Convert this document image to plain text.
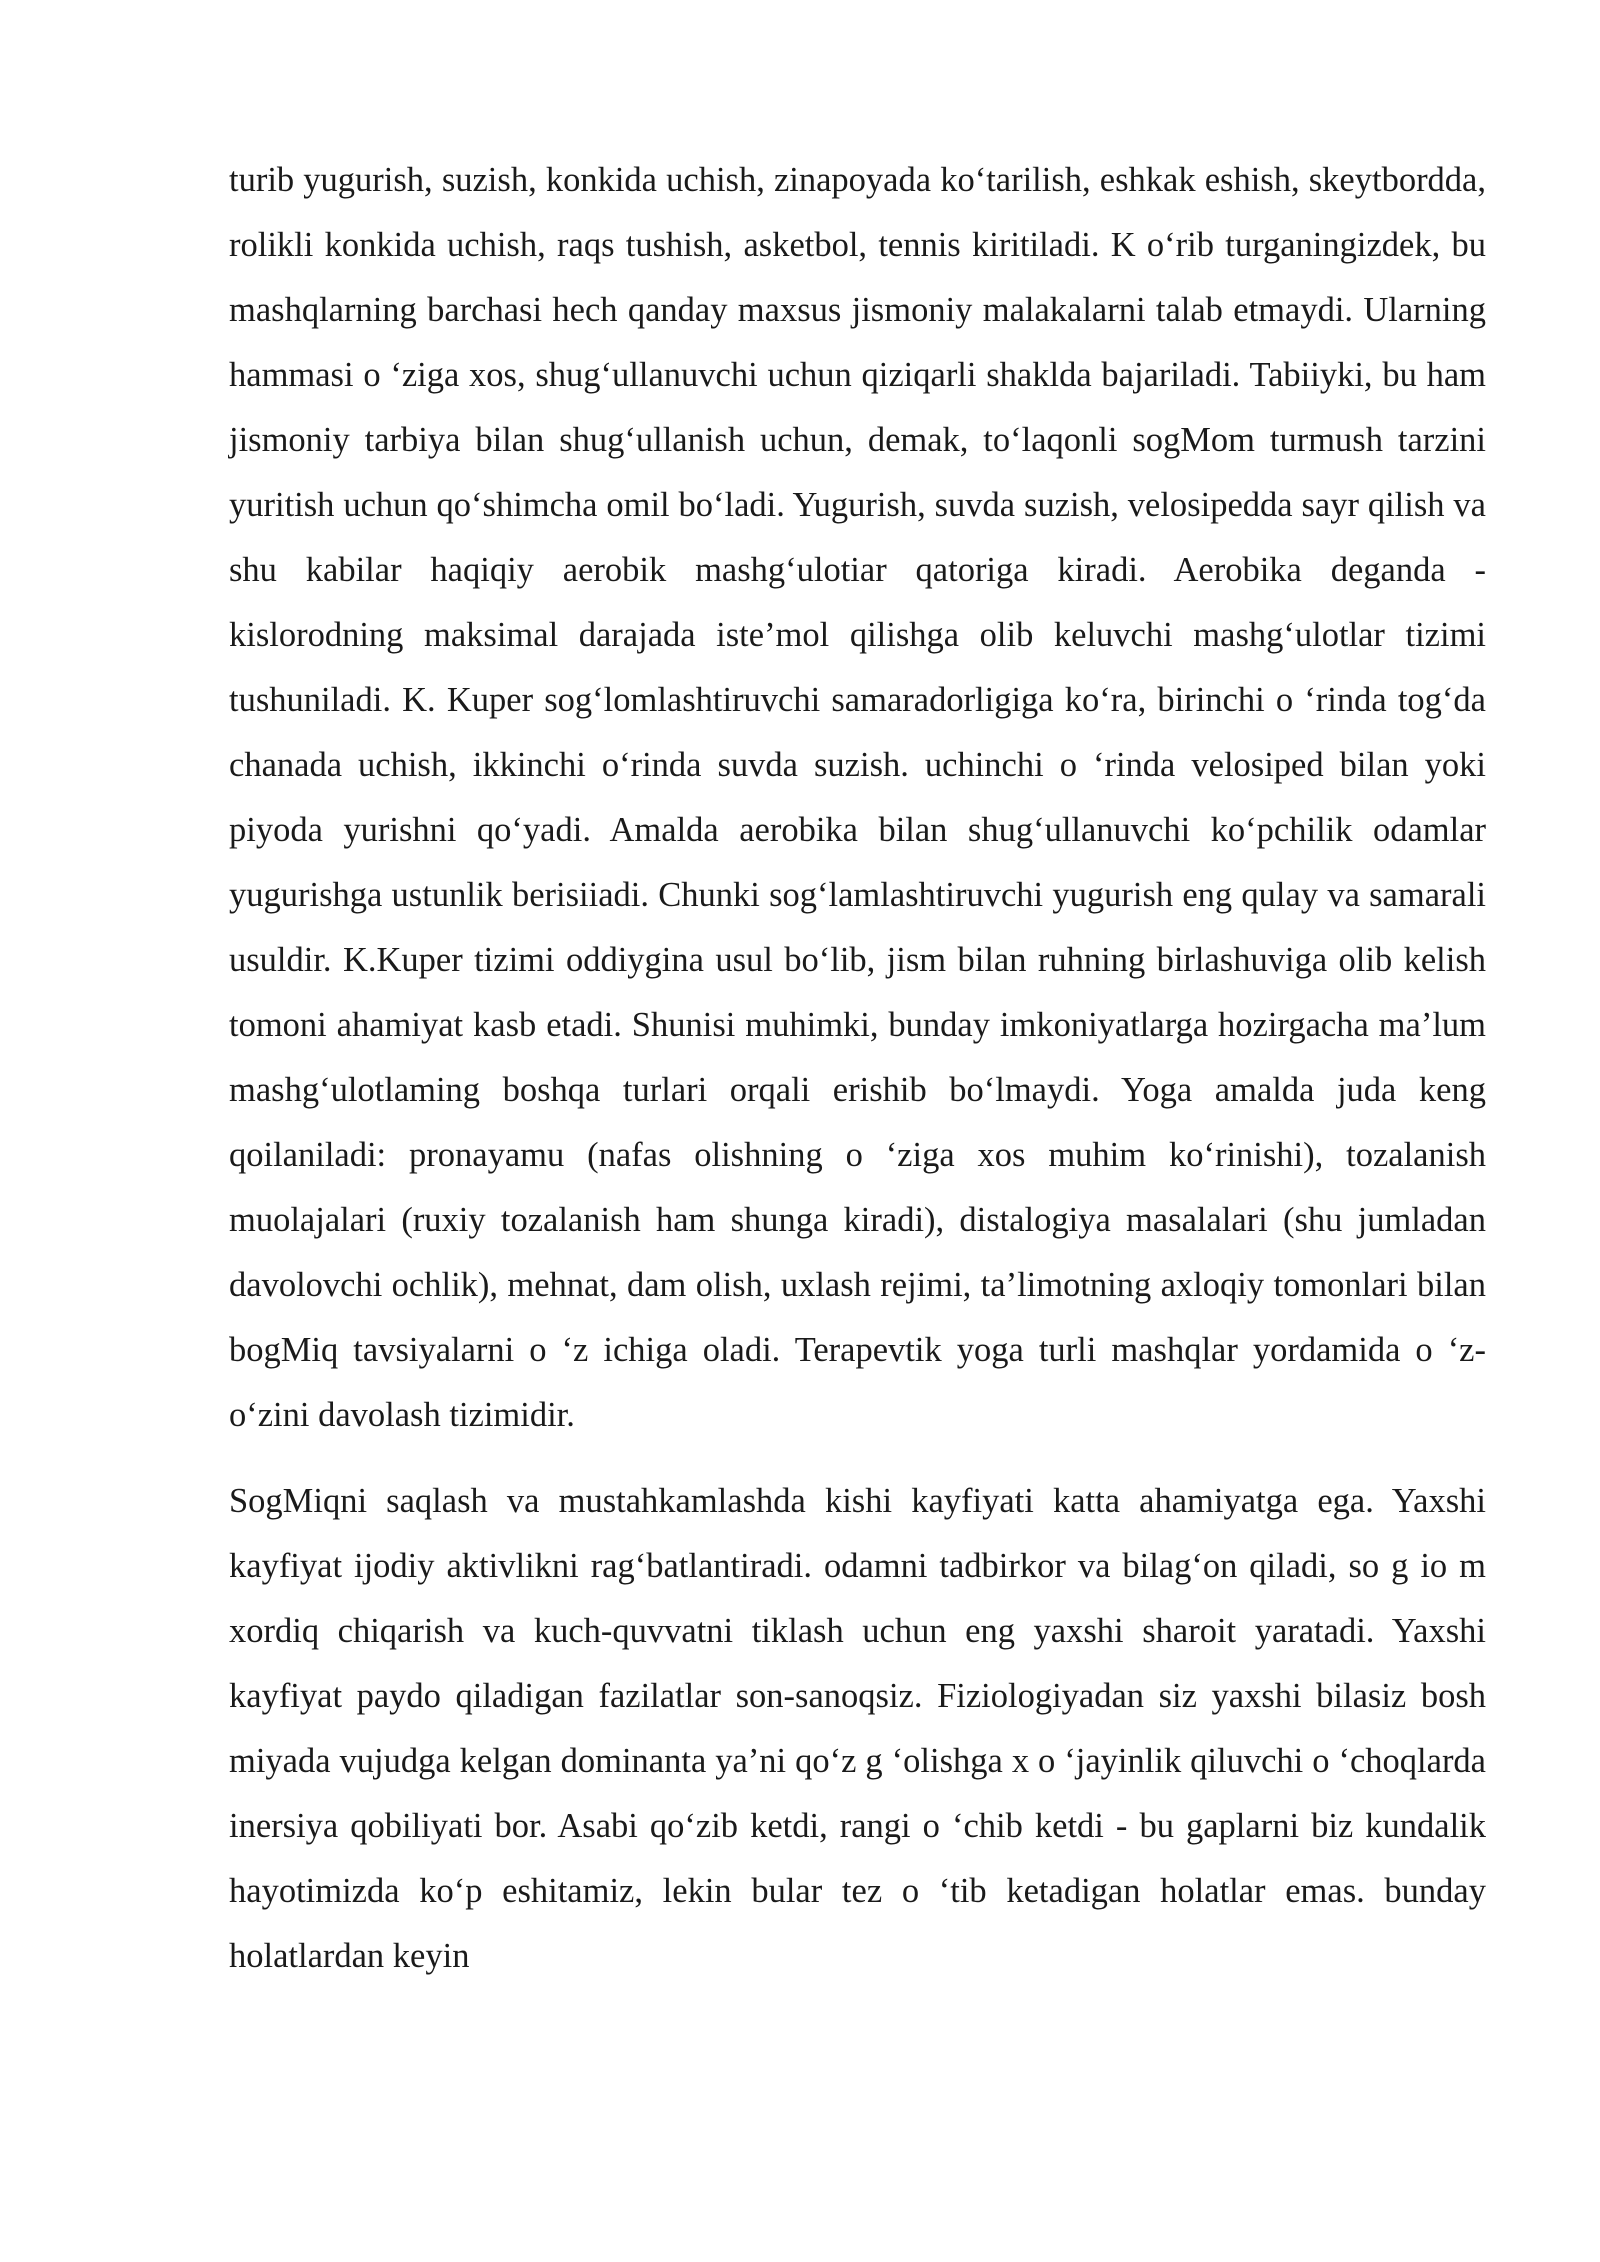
turib yugurish, suzish, konkida uchish, zinapoyada ko‘tarilish, eshkak eshish, skeytbordda, rolikli konkida uchish, raqs tushish, asketbol, tennis kiritiladi. K o‘rib turganingizdek, bu mashqlarning barchasi hech qanday maxsus jismoniy malakalarni talab etmaydi. Ularning hammasi o ‘ziga xos, shug‘ullanuvchi uchun qiziqarli shaklda bajariladi. Tabiiyki, bu ham jismoniy tarbiya bilan shug‘ullanish uchun, demak, to‘laqonli sogMom turmush tarzini yuritish uchun qo‘shimcha omil bo‘ladi. Yugurish, suvda suzish, velosipedda sayr qilish va shu kabilar haqiqiy aerobik mashg‘ulotiar qatoriga kiradi. Aerobika deganda - kislorodning maksimal darajada iste’mol qilishga olib keluvchi mashg‘ulotlar tizimi tushuniladi. K. Kuper sog‘lomlashtiruvchi samaradorligiga ko‘ra, birinchi o ‘rinda tog‘da chanada uchish, ikkinchi o‘rinda suvda suzish. uchinchi o ‘rinda velosiped bilan yoki piyoda yurishni qo‘yadi. Amalda aerobika bilan shug‘ullanuvchi ko‘pchilik odamlar yugurishga ustunlik berisiiadi. Chunki sog‘lamlashtiruvchi yugurish eng qulay va samarali usuldir. K.Kuper tizimi oddiygina usul bo‘lib, jism bilan ruhning birlashuviga olib kelish tomoni ahamiyat kasb etadi. Shunisi muhimki, bunday imkoniyatlarga hozirgacha ma’lum mashg‘ulotlaming boshqa turlari orqali erishib bo‘lmaydi. Yoga amalda juda keng qoilaniladi: pronayamu (nafas olishning o ‘ziga xos muhim ko‘rinishi), tozalanish muolajalari (ruxiy tozalanish ham shunga kiradi), distalogiya masalalari (shu jumladan davolovchi ochlik), mehnat, dam olish, uxlash rejimi, ta’limotning axloqiy tomonlari bilan bogMiq tavsiyalarni o ‘z ichiga oladi. Terapevtik yoga turli mashqlar yordamida o ‘z-o‘zini davolash tizimidir.

SogMiqni saqlash va mustahkamlashda kishi kayfiyati katta ahamiyatga ega. Yaxshi kayfiyat ijodiy aktivlikni rag‘batlantiradi. odamni tadbirkor va bilag‘on qiladi, so g io m xordiq chiqarish va kuch-quvvatni tiklash uchun eng yaxshi sharoit yaratadi. Yaxshi kayfiyat paydo qiladigan fazilatlar son-sanoqsiz. Fiziologiyadan siz yaxshi bilasiz bosh miyada vujudga kelgan dominanta ya’ni qo‘z g ‘olishga x o ‘jayinlik qiluvchi o ‘choqlarda inersiya qobiliyati bor. Asabi qo‘zib ketdi, rangi o ‘chib ketdi - bu gaplarni biz kundalik hayotimizda ko‘p eshitamiz, lekin bular tez o ‘tib ketadigan holatlar emas. bunday holatlardan keyin
